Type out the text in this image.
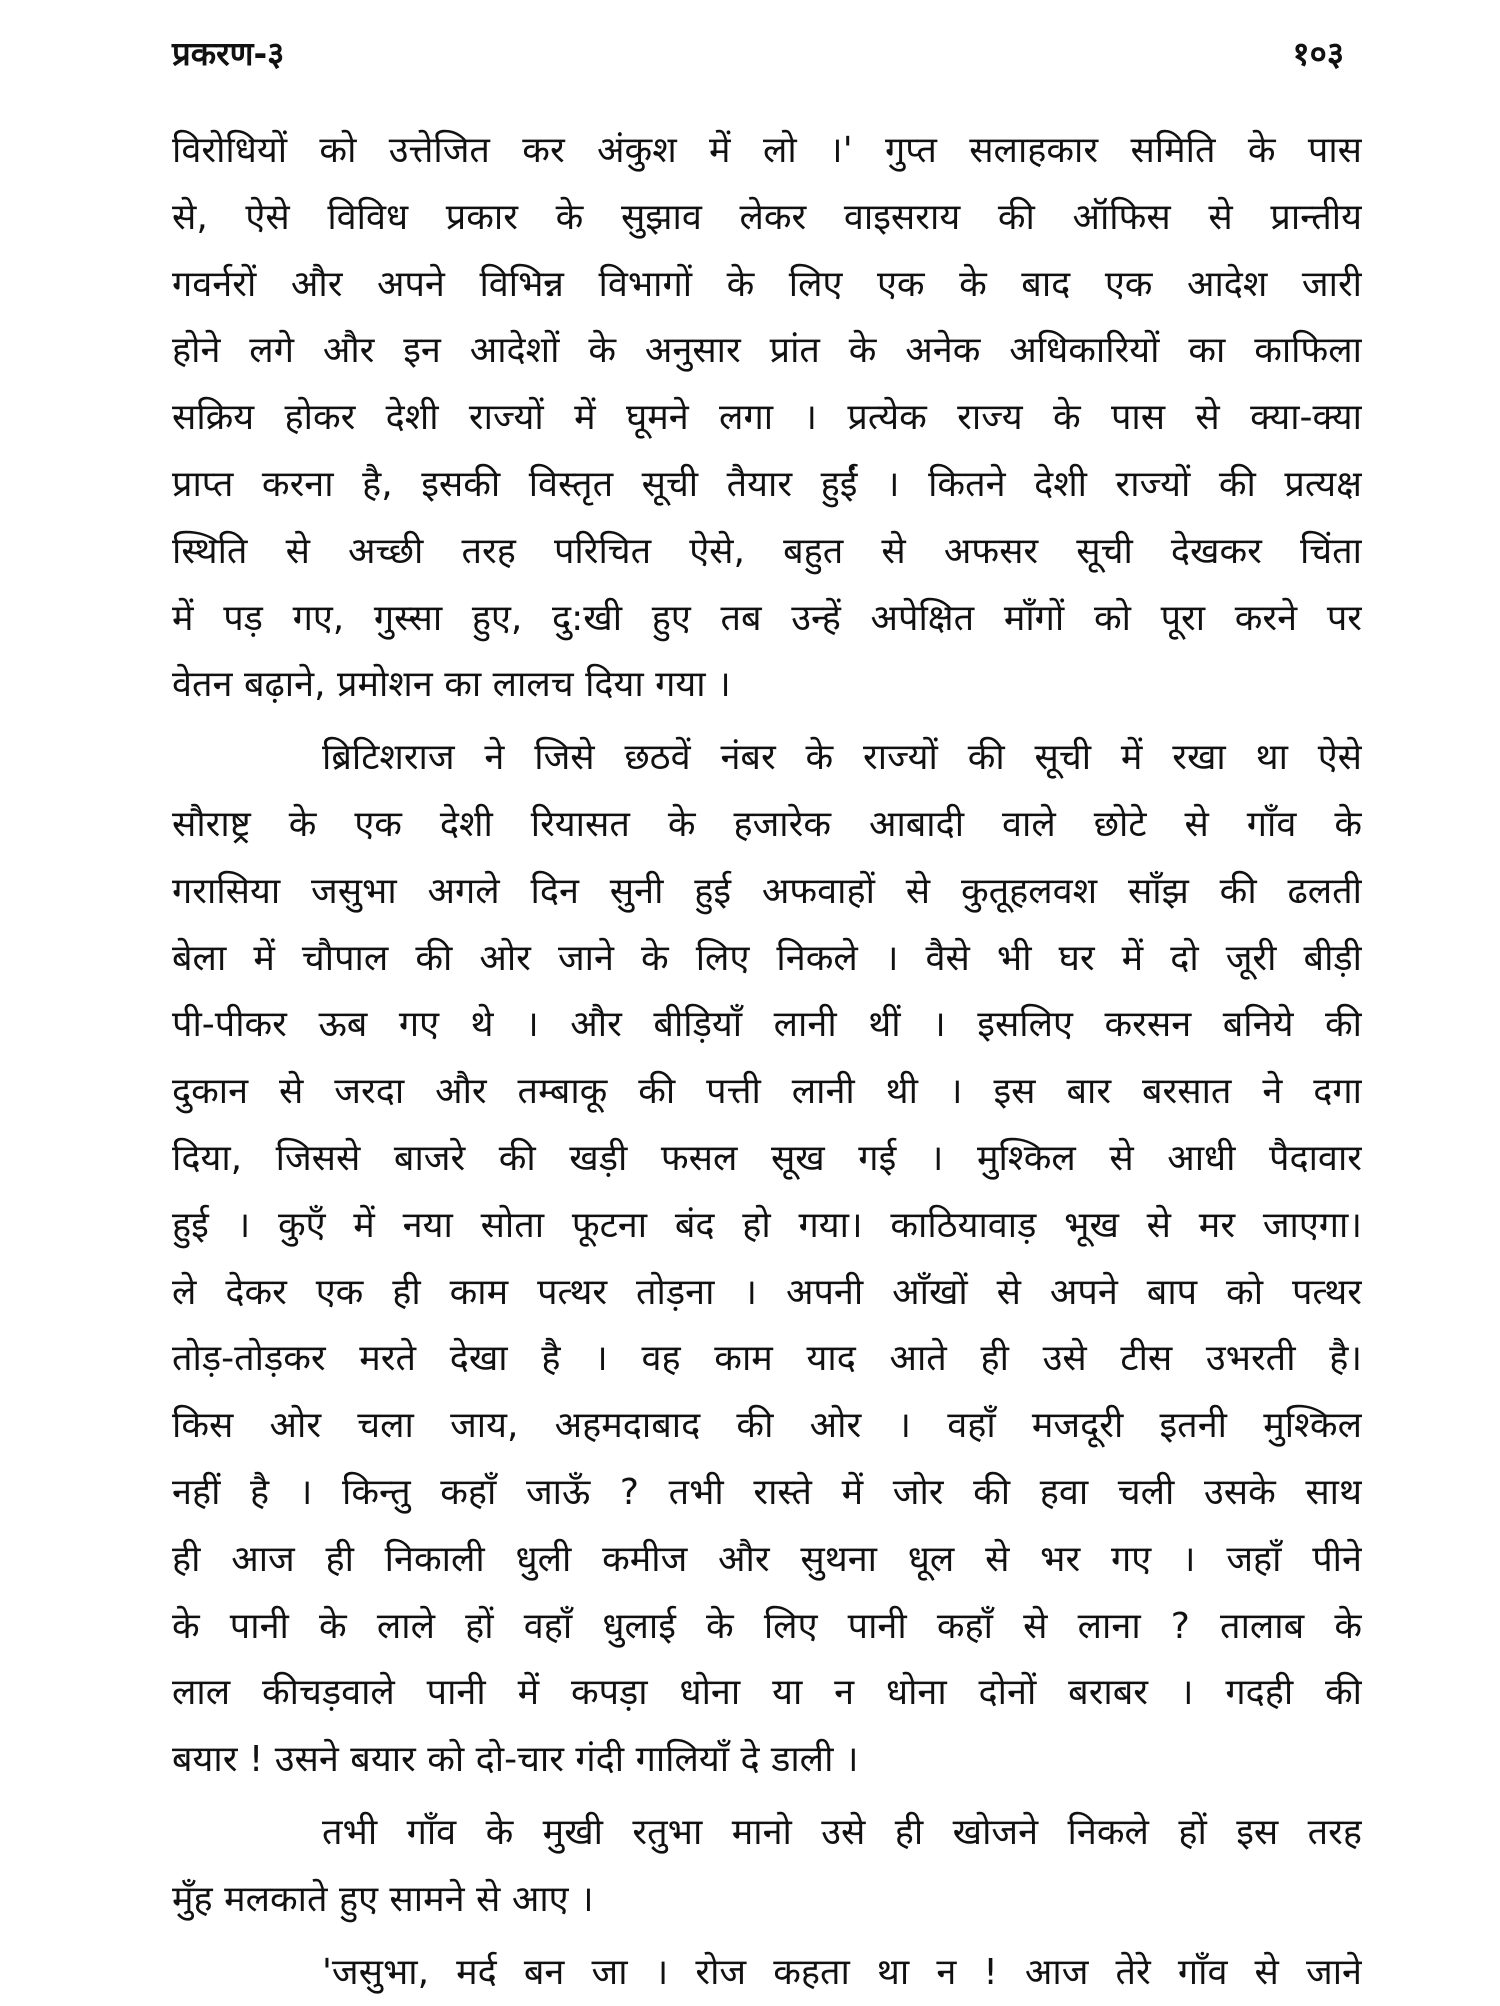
प्रकरण-३	१०३
विरोधियों को उत्तेजित कर अंकुश में लो ।' गुप्त सलाहकार समिति के पास
से, ऐसे विविध प्रकार के सुझाव लेकर वाइसराय की ऑफिस से प्रान्तीय
गवर्नरों और अपने विभिन्न विभागों के लिए एक के बाद एक आदेश जारी
होने लगे और इन आदेशों के अनुसार प्रांत के अनेक अधिकारियों का काफिला
सक्रिय होकर देशी राज्यों में घूमने लगा । प्रत्येक राज्य के पास से क्या-क्या
प्राप्त करना है, इसकी विस्तृत सूची तैयार हुईं । कितने देशी राज्यों की प्रत्यक्ष
स्थिति से अच्छी तरह परिचित ऐसे, बहुत से अफसर सूची देखकर चिंता
में पड़ गए, गुस्सा हुए, दु:खी हुए तब उन्हें अपेक्षित माँगों को पूरा करने पर
वेतन बढ़ाने, प्रमोशन का लालच दिया गया ।
ब्रिटिशराज ने जिसे छठवें नंबर के राज्यों की सूची में रखा था ऐसे
सौराष्ट्र के एक देशी रियासत के हजारेक आबादी वाले छोटे से गाँव के
गरासिया जसुभा अगले दिन सुनी हुई अफवाहों से कुतूहलवश साँझ की ढलती
बेला में चौपाल की ओर जाने के लिए निकले । वैसे भी घर में दो जूरी बीड़ी
पी-पीकर ऊब गए थे । और बीड़ियाँ लानी थीं । इसलिए करसन बनिये की
दुकान से जरदा और तम्बाकू की पत्ती लानी थी । इस बार बरसात ने दगा
दिया, जिससे बाजरे की खड़ी फसल सूख गई । मुश्किल से आधी पैदावार
हुई । कुएँ में नया सोता फूटना बंद हो गया। काठियावाड़ भूख से मर जाएगा।
ले देकर एक ही काम पत्थर तोड़ना । अपनी आँखों से अपने बाप को पत्थर
तोड़-तोड़कर मरते देखा है । वह काम याद आते ही उसे टीस उभरती है।
किस ओर चला जाय, अहमदाबाद की ओर । वहाँ मजदूरी इतनी मुश्किल
नहीं है । किन्तु कहाँ जाऊँ ? तभी रास्ते में जोर की हवा चली उसके साथ
ही आज ही निकाली धुली कमीज और सुथना धूल से भर गए । जहाँ पीने
के पानी के लाले हों वहाँ धुलाई के लिए पानी कहाँ से लाना ? तालाब के
लाल कीचड़वाले पानी में कपड़ा धोना या न धोना दोनों बराबर । गदही की
बयार ! उसने बयार को दो-चार गंदी गालियाँ दे डाली ।
तभी गाँव के मुखी रतुभा मानो उसे ही खोजने निकले हों इस तरह
मुँह मलकाते हुए सामने से आए ।
'जसुभा, मर्द बन जा । रोज कहता था न ! आज तेरे गाँव से जाने
